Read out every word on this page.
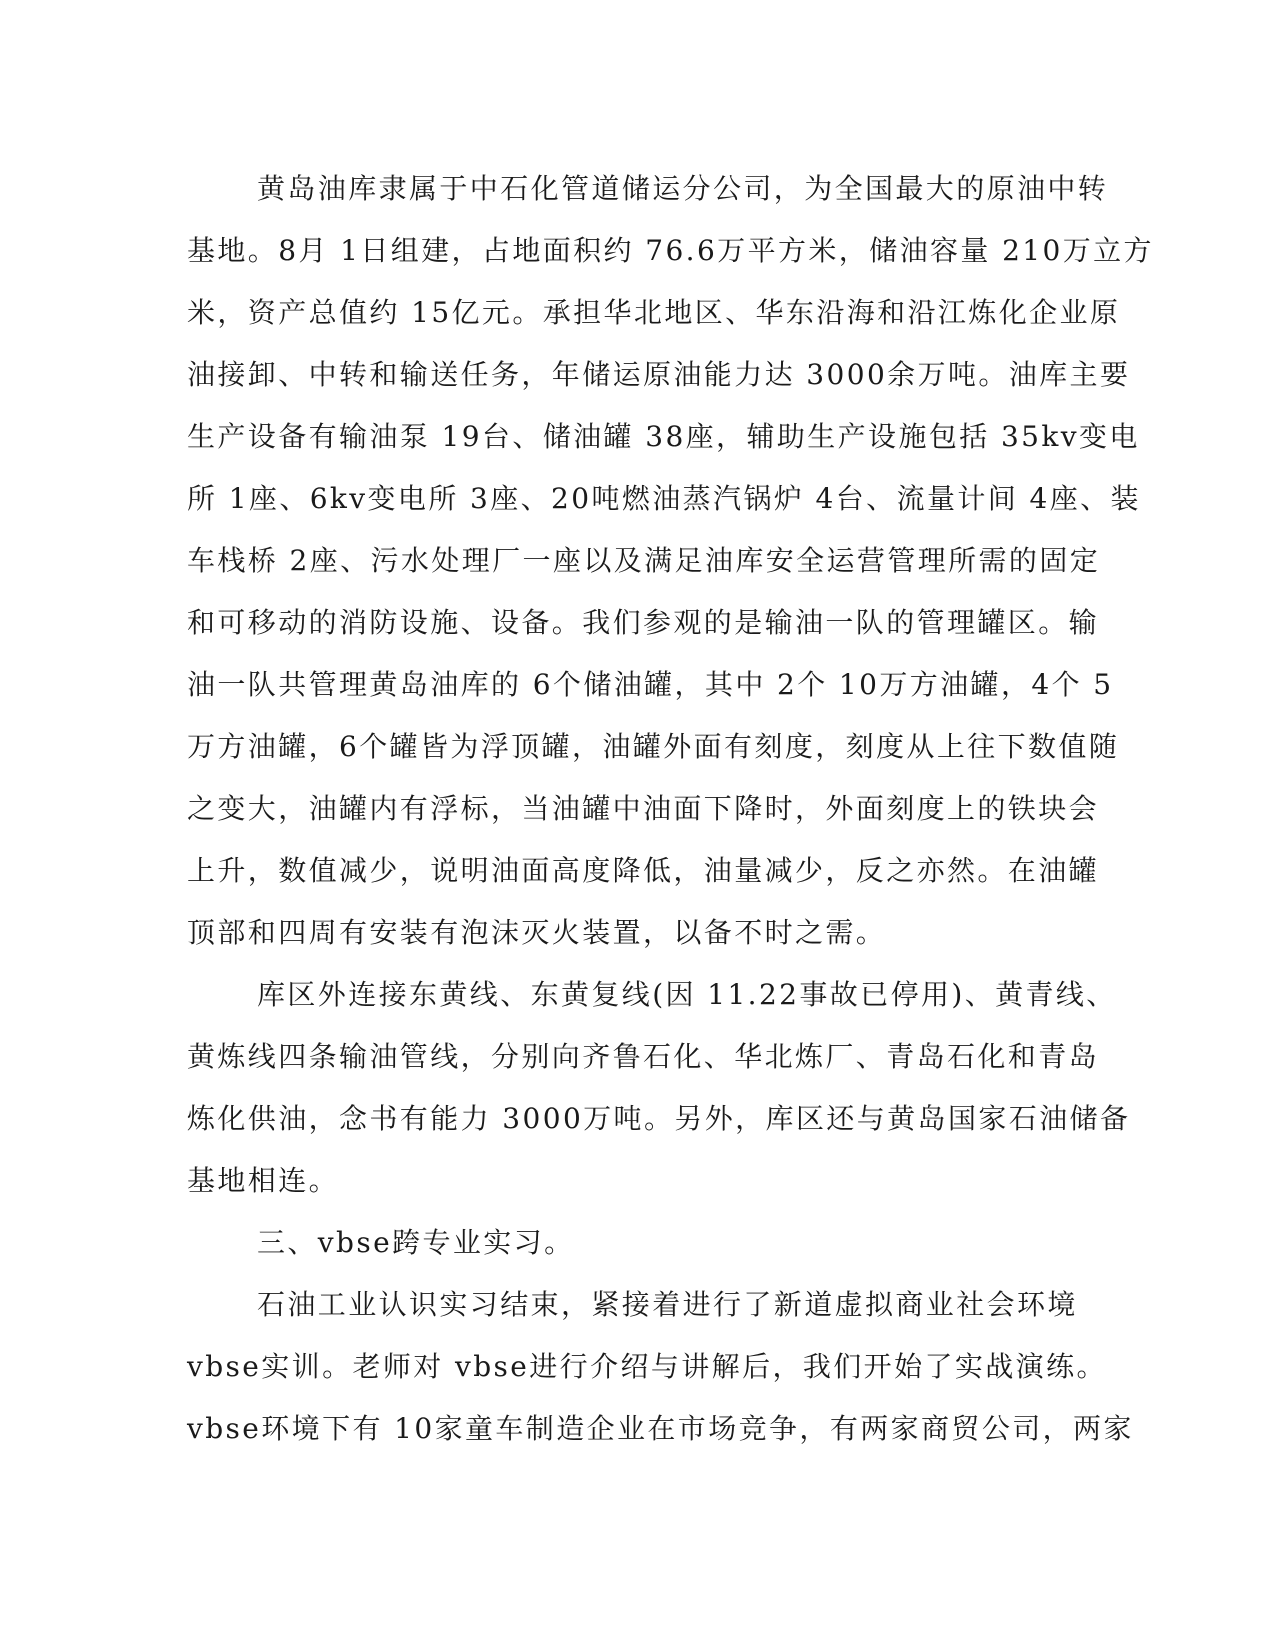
黄岛油库隶属于中石化管道储运分公司，为全国最大的原油中转
基地。8月 1日组建，占地面积约 76.6万平方米，储油容量 210万立方
米，资产总值约 15亿元。承担华北地区、华东沿海和沿江炼化企业原
油接卸、中转和输送任务，年储运原油能力达 3000余万吨。油库主要
生产设备有输油泵 19台、储油罐 38座，辅助生产设施包括 35kv变电
所 1座、6kv变电所 3座、20吨燃油蒸汽锅炉 4台、流量计间 4座、装
车栈桥 2座、污水处理厂一座以及满足油库安全运营管理所需的固定
和可移动的消防设施、设备。我们参观的是输油一队的管理罐区。输
油一队共管理黄岛油库的 6个储油罐，其中 2个 10万方油罐，4个 5
万方油罐，6个罐皆为浮顶罐，油罐外面有刻度，刻度从上往下数值随
之变大，油罐内有浮标，当油罐中油面下降时，外面刻度上的铁块会
上升，数值减少，说明油面高度降低，油量减少，反之亦然。在油罐
顶部和四周有安装有泡沫灭火装置，以备不时之需。
库区外连接东黄线、东黄复线(因 11.22事故已停用)、黄青线、
黄炼线四条输油管线，分别向齐鲁石化、华北炼厂、青岛石化和青岛
炼化供油，念书有能力 3000万吨。另外，库区还与黄岛国家石油储备
基地相连。
三、vbse跨专业实习。
石油工业认识实习结束，紧接着进行了新道虚拟商业社会环境
vbse实训。老师对 vbse进行介绍与讲解后，我们开始了实战演练。
vbse环境下有 10家童车制造企业在市场竞争，有两家商贸公司，两家
